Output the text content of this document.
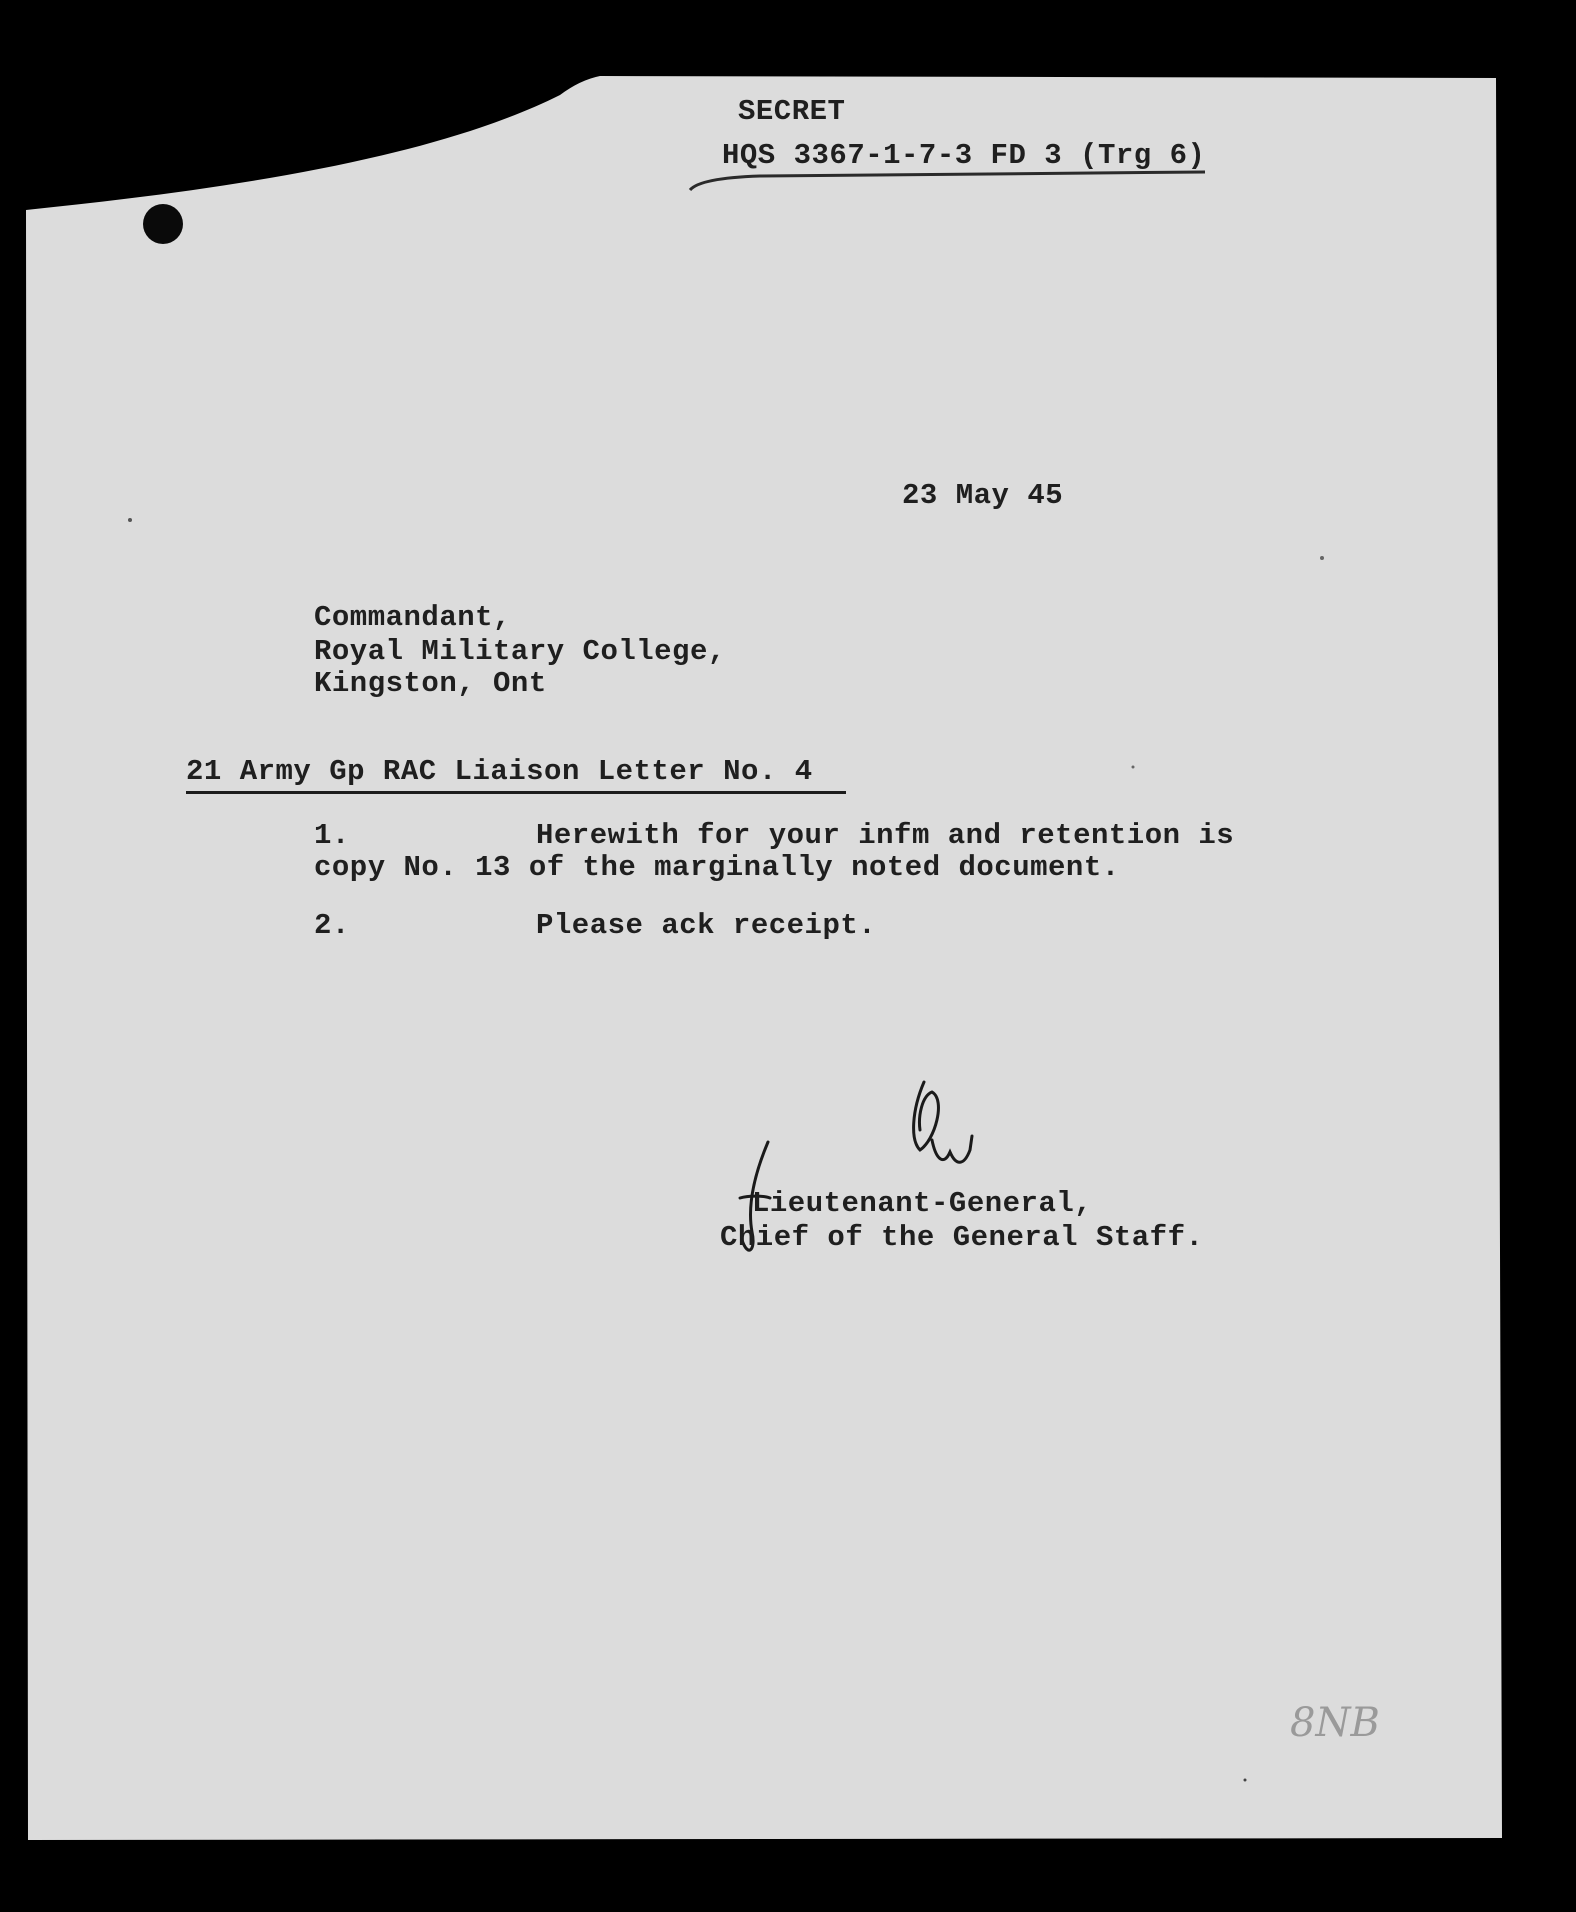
SECRET
HQS 3367-1-7-3 FD 3 (Trg 6)
23 May 45
Commandant,
Royal Military College,
Kingston, Ont
21 Army Gp RAC Liaison Letter No. 4
1.	Herewith for your infm and retention is
copy No. 13 of the marginally noted document.
2.	Please ack receipt.
Lieutenant-General,
Chief of the General Staff.
8NB
